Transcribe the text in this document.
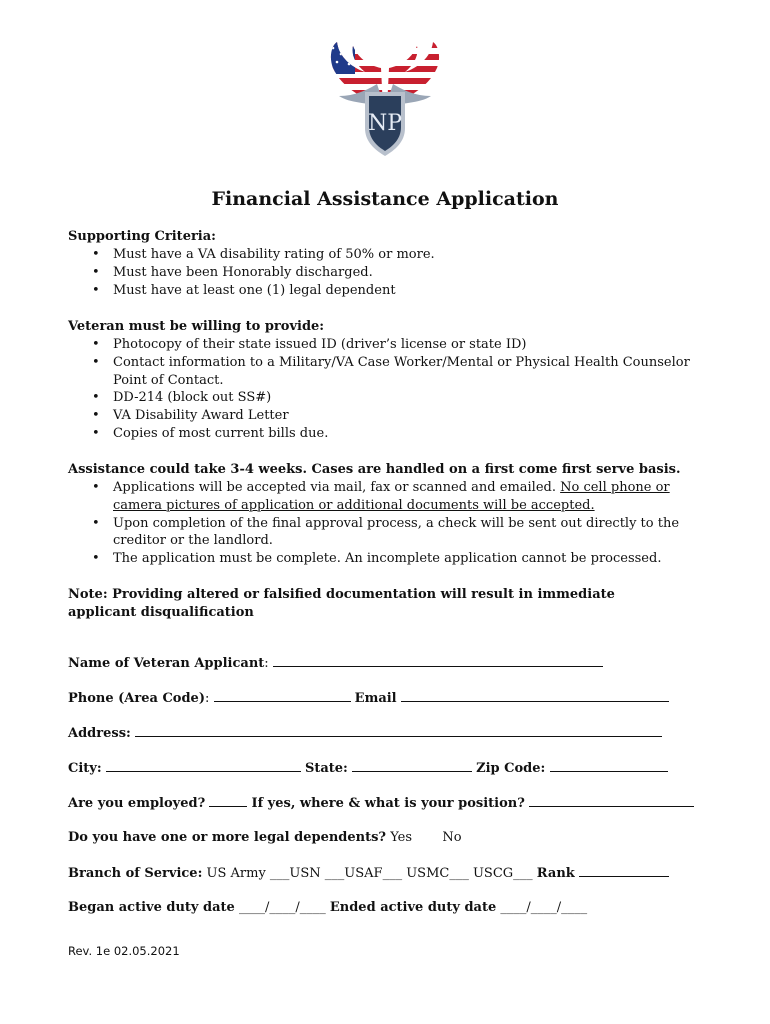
NP
Financial Assistance Application
Supporting Criteria:
• Must have a VA disability rating of 50% or more.
• Must have been Honorably discharged.
• Must have at least one (1) legal dependent
Veteran must be willing to provide:
• Photocopy of their state issued ID (driver’s license or state ID)
• Contact information to a Military/VA Case Worker/Mental or Physical Health Counselor Point of Contact.
• DD-214 (block out SS#)
• VA Disability Award Letter
• Copies of most current bills due.
Assistance could take 3-4 weeks. Cases are handled on a first come first serve basis.
• Applications will be accepted via mail, fax or scanned and emailed. No cell phone or camera pictures of application or additional documents will be accepted.
• Upon completion of the final approval process, a check will be sent out directly to the creditor or the landlord.
• The application must be complete. An incomplete application cannot be processed.
Note: Providing altered or falsified documentation will result in immediate applicant disqualification
Name of Veteran Applicant:
Phone (Area Code):	Email
Address:
City:	State:	Zip Code:
Are you employed?	If yes, where & what is your position?
Do you have one or more legal dependents? Yes No
Branch of Service: US Army ___USN ___USAF___ USMC___ USCG___ Rank
Began active duty date ____/____/____ Ended active duty date ____/____/____
Rev. 1e 02.05.2021
